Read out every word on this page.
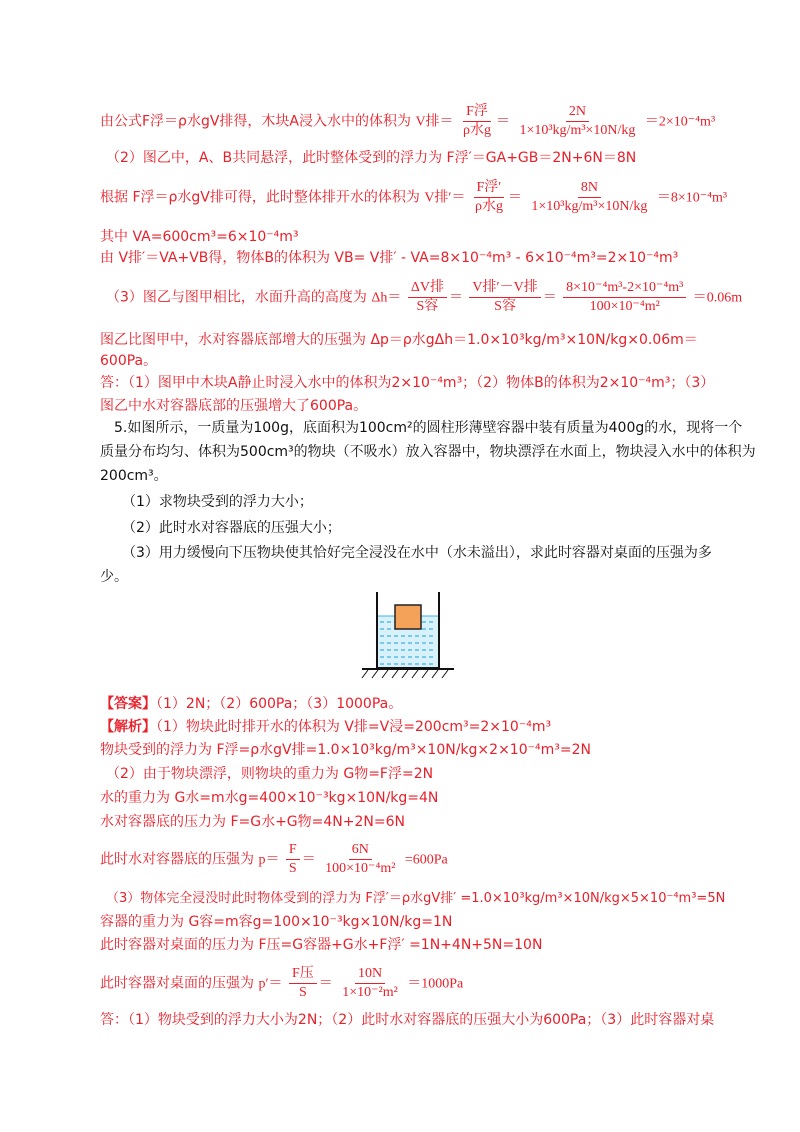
由公式F浮＝ρ水gV排得，木块A浸入水中的体积为 V排＝ $\frac{\text{F浮}}{\text{ρ水g}} = \frac{2N}{\text{1×10³kg/m³×10N/kg}} =2\times 10^{-4}m^3$
（2）图乙中，A、B共同悬浮，此时整体受到的浮力为 F浮′＝GA+GB＝2N+6N＝8N
根据 F浮＝ρ水gV排可得，此时整体排开水的体积为 V排′＝ $\frac{\text{F浮′}}{\text{ρ水g}} = \frac{8N}{\text{1×10³kg/m³×10N/kg}} =8\times 10^{-4}m^3$
其中 VA=600cm³=6×10⁻⁴m³
由 V排′＝VA+VB得，物体B的体积为 VB= V排′ - VA=8×10⁻⁴m³ - 6×10⁻⁴m³=2×10⁻⁴m³
（3）图乙与图甲相比，水面升高的高度为 $\Delta h= \frac{\text{ΔV排}}{\text{S容}} = \frac{\text{V排′－V排}}{\text{S容}} = \frac{\text{8×10⁻⁴m³-2×10⁻⁴m³}}{\text{100×10⁻⁴m²}} =0.06m$
图乙比图甲中，水对容器底部增大的压强为 Δp＝ρ水gΔh＝1.0×10³kg/m³×10N/kg×0.06m＝
600Pa。
答：（1）图甲中木块A静止时浸入水中的体积为2×10⁻⁴m³；（2）物体B的体积为2×10⁻⁴m³；（3）
图乙中水对容器底部的压强增大了600Pa。
5.如图所示，一质量为100g，底面积为100cm²的圆柱形薄壁容器中装有质量为400g的水，现将一个
质量分布均匀、体积为500cm³的物块（不吸水）放入容器中，物块漂浮在水面上，物块浸入水中的体积为
200cm³。
（1）求物块受到的浮力大小；
（2）此时水对容器底的压强大小；
（3）用力缓慢向下压物块使其恰好完全浸没在水中（水未溢出），求此时容器对桌面的压强为多
少。
【答案】（1）2N；（2）600Pa；（3）1000Pa。
【解析】（1）物块此时排开水的体积为 V排=V浸=200cm³=2×10⁻⁴m³
物块受到的浮力为 F浮=ρ水gV排=1.0×10³kg/m³×10N/kg×2×10⁻⁴m³=2N
（2）由于物块漂浮，则物块的重力为 G物=F浮=2N
水的重力为 G水=m水g=400×10⁻³kg×10N/kg=4N
水对容器底的压力为 F=G水+G物=4N+2N=6N
此时水对容器底的压强为 $p= \frac{F}{S} = \frac{6N}{\text{100×10⁻⁴m²}} =600Pa$
（3）物体完全浸没时此时物体受到的浮力为 F浮′＝ρ水gV排′ =1.0×10³kg/m³×10N/kg×5×10⁻⁴m³=5N
容器的重力为 G容=m容g=100×10⁻³kg×10N/kg=1N
此时容器对桌面的压力为 F压=G容器+G水+F浮′ =1N+4N+5N=10N
此时容器对桌面的压强为 $p'= \frac{\text{F压}}{S} = \frac{10N}{\text{1×10⁻²m²}} =1000Pa$
答：（1）物块受到的浮力大小为2N；（2）此时水对容器底的压强大小为600Pa；（3）此时容器对桌
